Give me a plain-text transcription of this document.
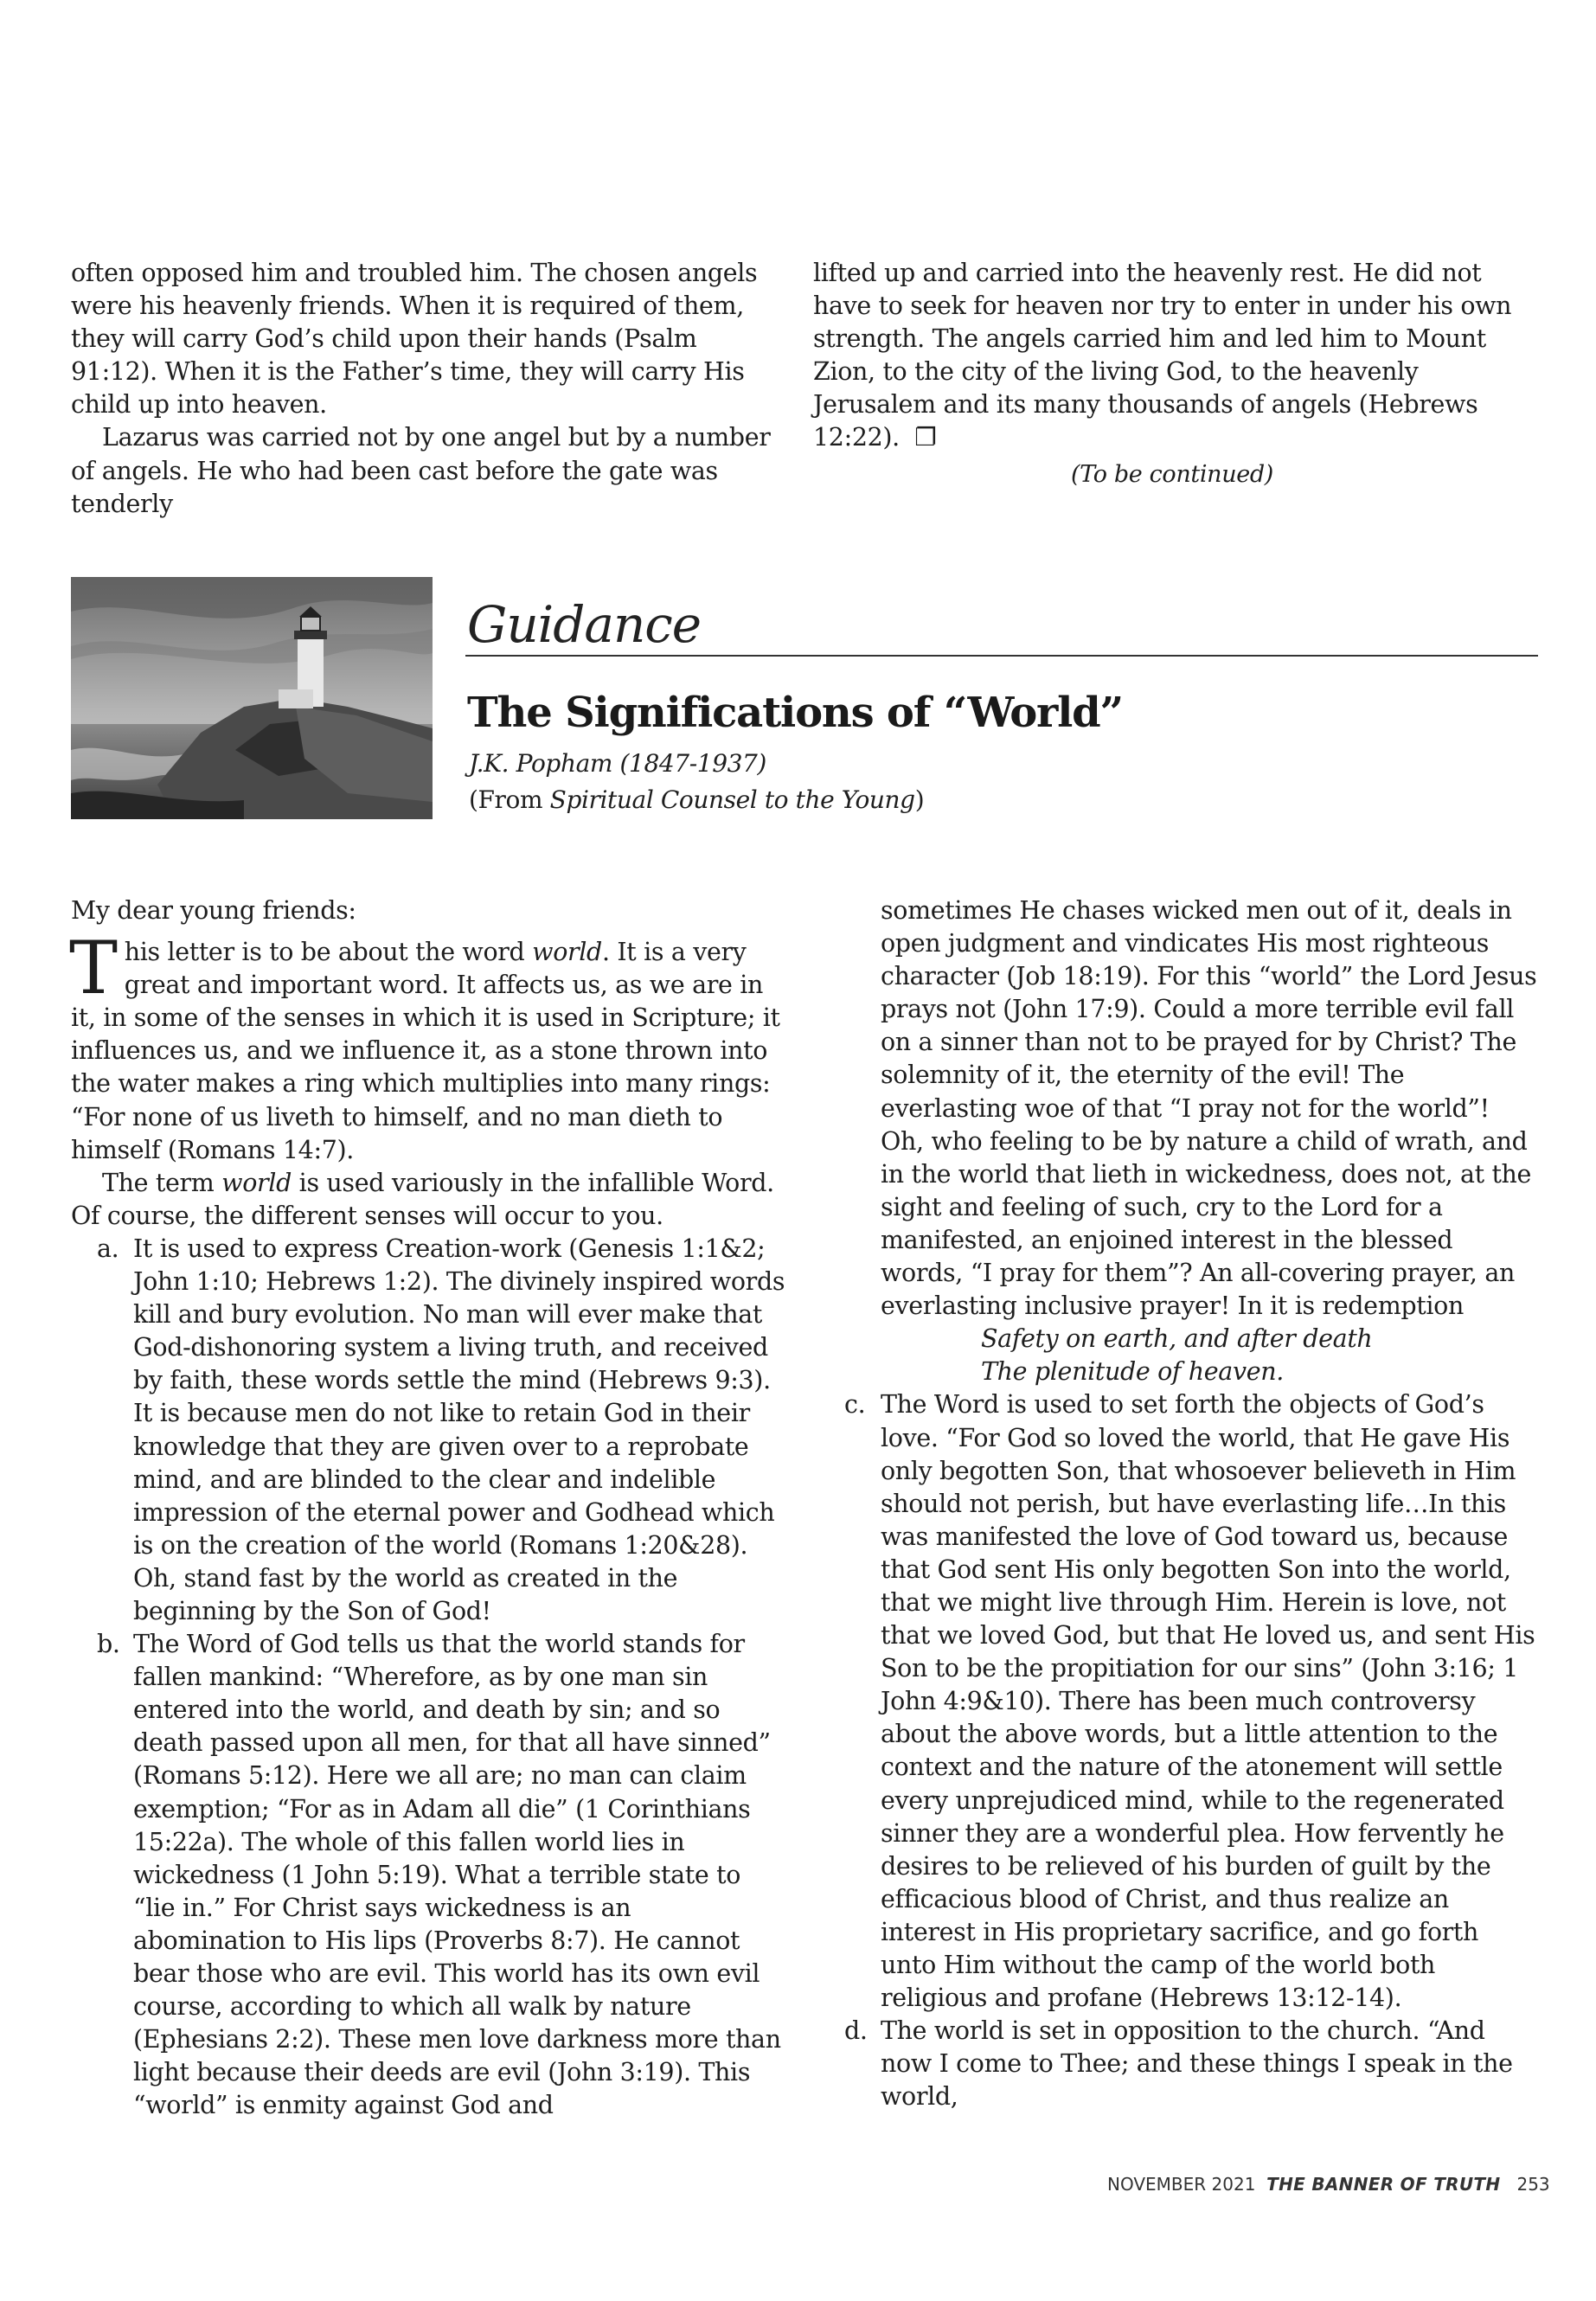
often opposed him and troubled him. The chosen angels were his heavenly friends. When it is required of them, they will carry God’s child upon their hands (Psalm 91:12). When it is the Father’s time, they will carry His child up into heaven.

Lazarus was carried not by one angel but by a number of angels. He who had been cast before the gate was tenderly

lifted up and carried into the heavenly rest. He did not have to seek for heaven nor try to enter in under his own strength. The angels carried him and led him to Mount Zion, to the city of the living God, to the heavenly Jerusalem and its many thousands of angels (Hebrews 12:22). ❐

(To be continued)

Guidance
The Significations of “World”
J.K. Popham (1847-1937)
(From Spiritual Counsel to the Young)

My dear young friends:

This letter is to be about the word world. It is a very great and important word. It affects us, as we are in it, in some of the senses in which it is used in Scripture; it influences us, and we influence it, as a stone thrown into the water makes a ring which multiplies into many rings: “For none of us liveth to himself, and no man dieth to himself (Romans 14:7).

The term world is used variously in the infallible Word. Of course, the different senses will occur to you.

a. It is used to express Creation-work (Genesis 1:1&2; John 1:10; Hebrews 1:2). The divinely inspired words kill and bury evolution. No man will ever make that God-dishonoring system a living truth, and received by faith, these words settle the mind (Hebrews 9:3). It is because men do not like to retain God in their knowledge that they are given over to a reprobate mind, and are blinded to the clear and indelible impression of the eternal power and Godhead which is on the creation of the world (Romans 1:20&28). Oh, stand fast by the world as created in the beginning by the Son of God!
b. The Word of God tells us that the world stands for fallen mankind: “Wherefore, as by one man sin entered into the world, and death by sin; and so death passed upon all men, for that all have sinned” (Romans 5:12). Here we all are; no man can claim exemption; “For as in Adam all die” (1 Corinthians 15:22a). The whole of this fallen world lies in wickedness (1 John 5:19). What a terrible state to “lie in.” For Christ says wickedness is an abomination to His lips (Proverbs 8:7). He cannot bear those who are evil. This world has its own evil course, according to which all walk by nature (Ephesians 2:2). These men love darkness more than light because their deeds are evil (John 3:19). This “world” is enmity against God and

sometimes He chases wicked men out of it, deals in open judgment and vindicates His most righteous character (Job 18:19). For this “world” the Lord Jesus prays not (John 17:9). Could a more terrible evil fall on a sinner than not to be prayed for by Christ? The solemnity of it, the eternity of the evil! The everlasting woe of that “I pray not for the world”! Oh, who feeling to be by nature a child of wrath, and in the world that lieth in wickedness, does not, at the sight and feeling of such, cry to the Lord for a manifested, an enjoined interest in the blessed words, “I pray for them”? An all-covering prayer, an everlasting inclusive prayer! In it is redemption

Safety on earth, and after death
The plenitude of heaven.
c. The Word is used to set forth the objects of God’s love. “For God so loved the world, that He gave His only begotten Son, that whosoever believeth in Him should not perish, but have everlasting life…In this was manifested the love of God toward us, because that God sent His only begotten Son into the world, that we might live through Him. Herein is love, not that we loved God, but that He loved us, and sent His Son to be the propitiation for our sins” (John 3:16; 1 John 4:9&10). There has been much controversy about the above words, but a little attention to the context and the nature of the atonement will settle every unprejudiced mind, while to the regenerated sinner they are a wonderful plea. How fervently he desires to be relieved of his burden of guilt by the efficacious blood of Christ, and thus realize an interest in His proprietary sacrifice, and go forth unto Him without the camp of the world both religious and profane (Hebrews 13:12-14).
d. The world is set in opposition to the church. “And now I come to Thee; and these things I speak in the world,
NOVEMBER 2021 THE BANNER OF TRUTH 253
